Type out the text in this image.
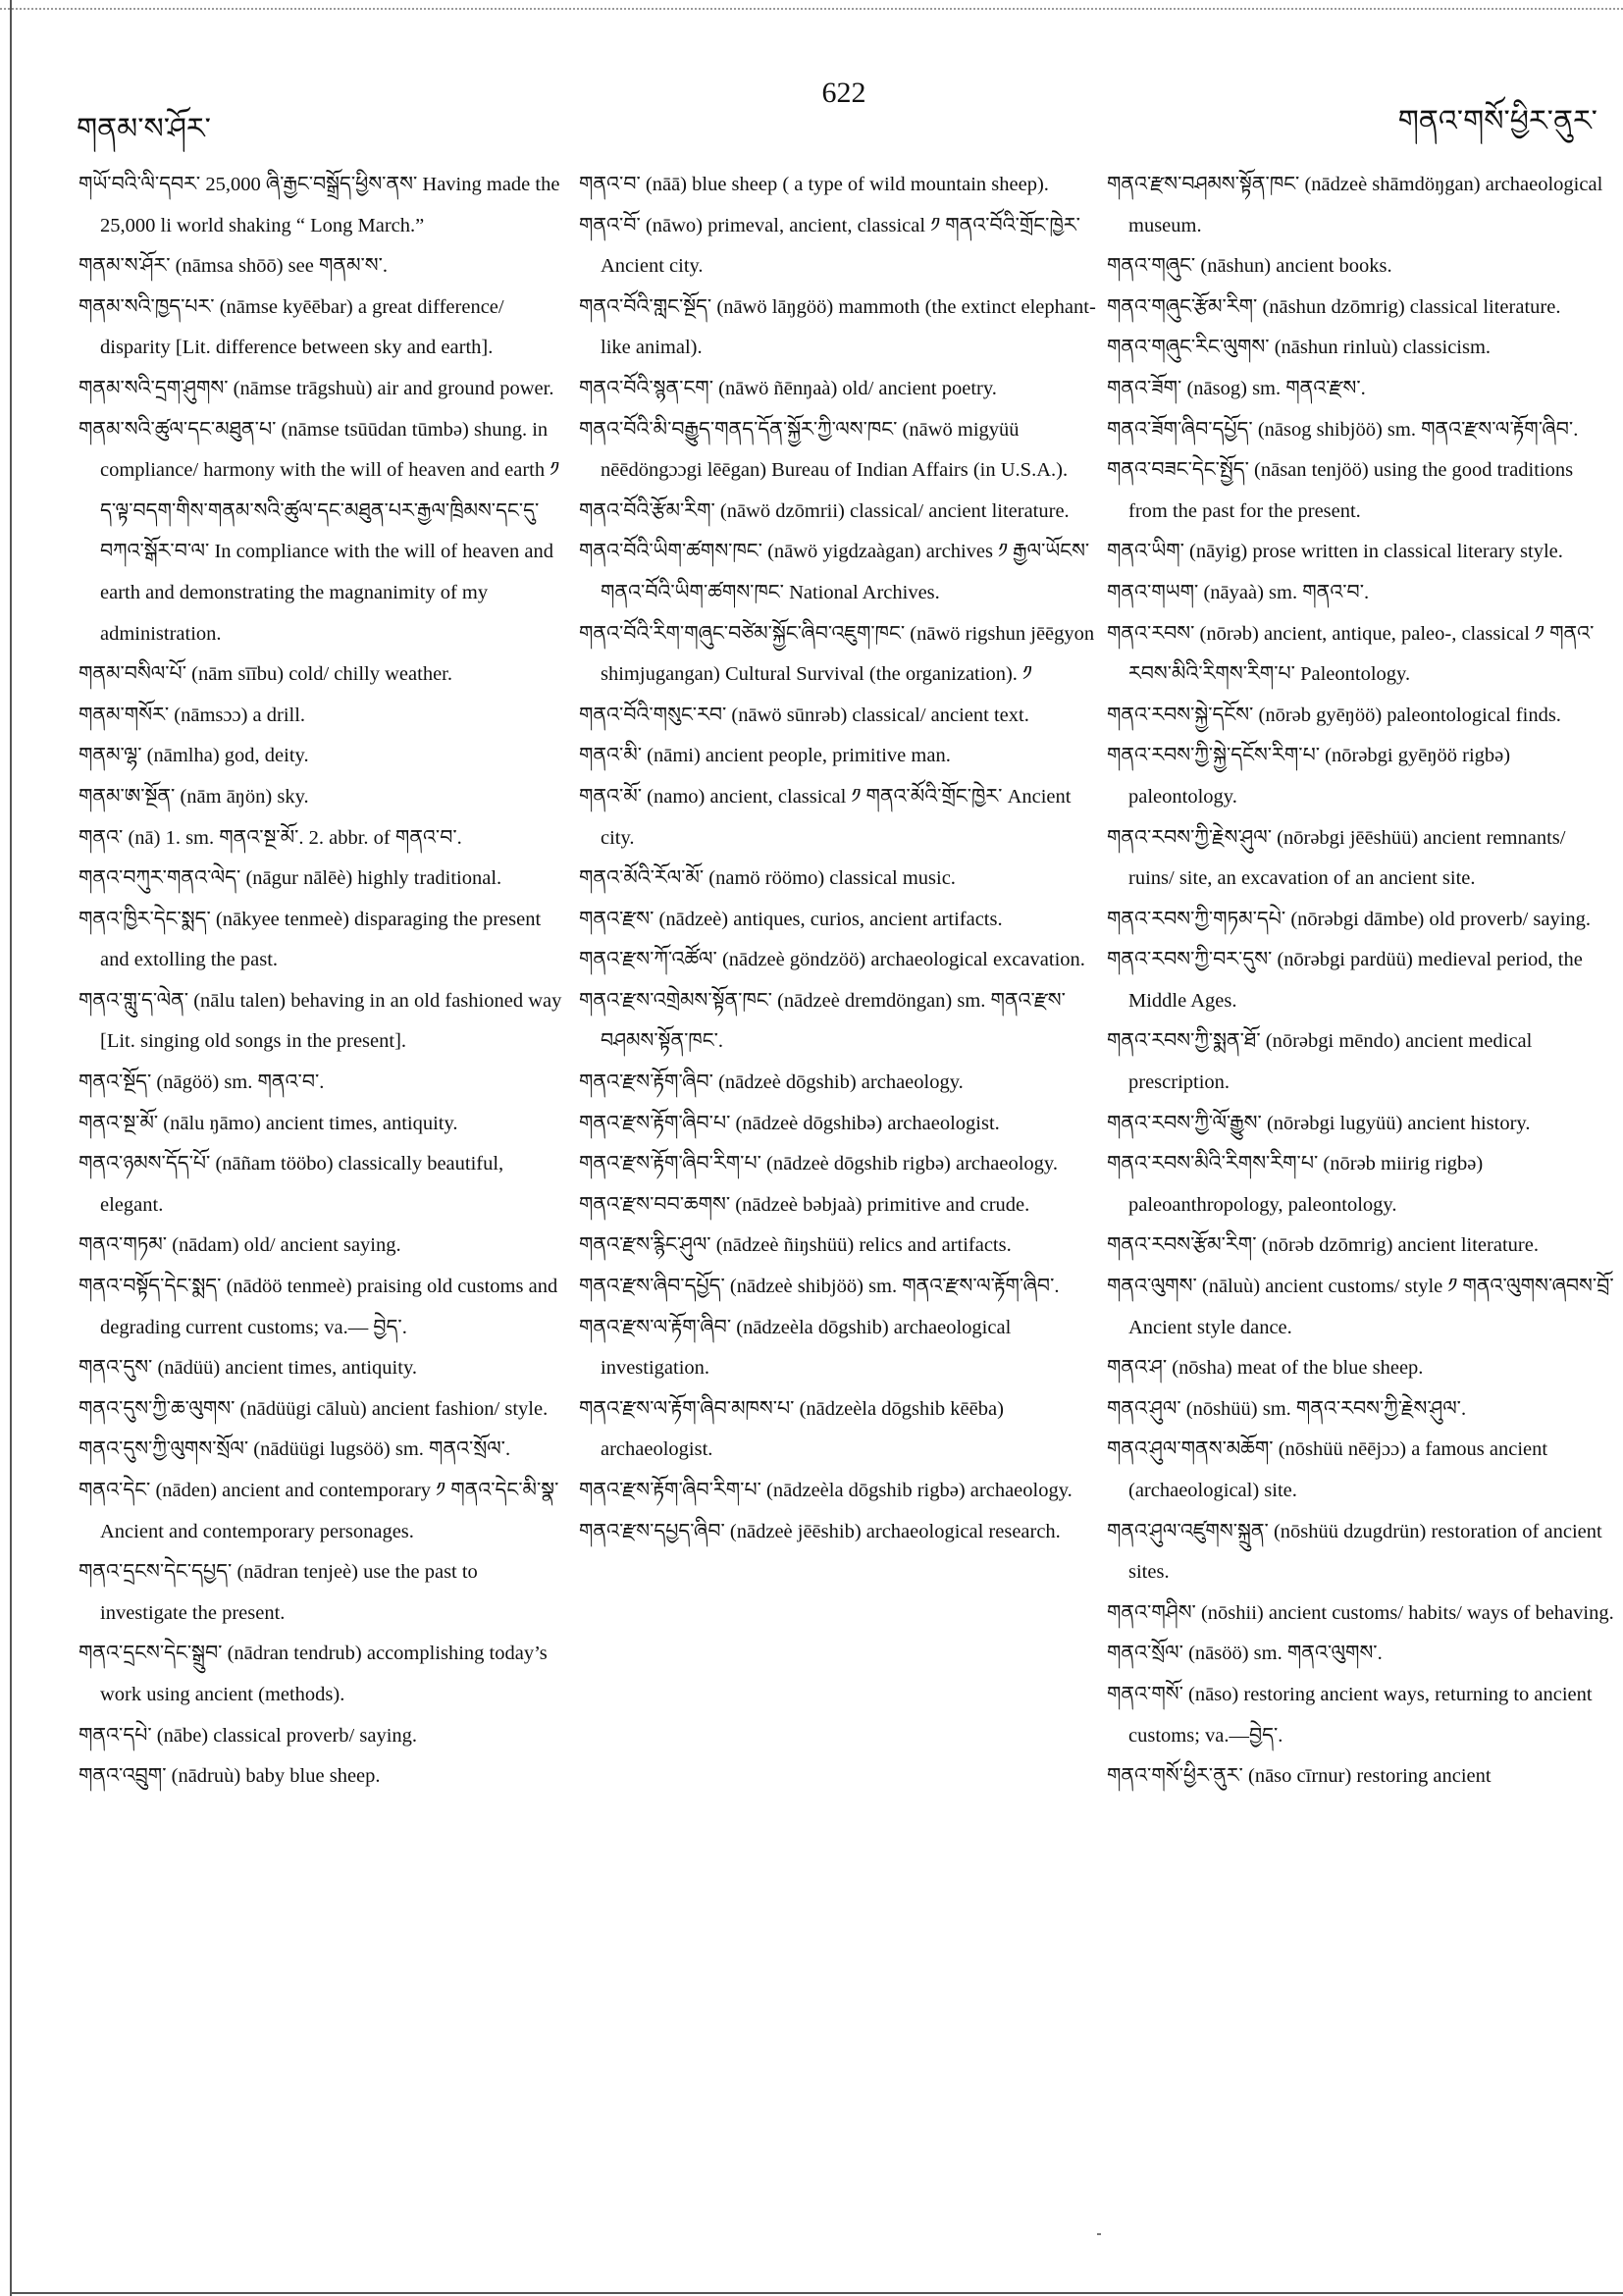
གནམ་ས་ཤོར་
622
གནའ་གསོ་ཕྱིར་ནུར་
གཡོ་བའི་ལི་དབར་ 25,000 ཞི་རྒྱང་བསྒྲོད་ཕྱིས་ནས་ Having made the 25,000 li world shaking “ Long March.”
གནམ་ས་ཤོར་ (nāmsa shōō) see གནམ་ས་.
གནམ་སའི་ཁྱད་པར་ (nāmse kyēēbar) a great difference/ disparity [Lit. difference between sky and earth].
གནམ་སའི་དྲག་ཤུགས་ (nāmse trāgshuù) air and ground power.
གནམ་སའི་ཚུལ་དང་མཐུན་པ་ (nāmse tsūūdan tūmbə) shung. in compliance/ harmony with the will of heaven and earth ༡ ད་ལྟ་བདག་གིས་གནམ་སའི་ཚུལ་དང་མཐུན་པར་རྒྱལ་ཁྲིམས་དང་དུ་བཀའ་སྒོར་བ་ལ་ In compliance with the will of heaven and earth and demonstrating the magnanimity of my administration.
གནམ་བསིལ་པོ་ (nām sīību) cold/ chilly weather.
གནམ་གསོར་ (nāmsɔɔ) a drill.
གནམ་ལྷ་ (nāmlha) god, deity.
གནམ་ཨ་སྔོན་ (nām āŋön) sky.
གནའ་ (nā) 1. sm. གནའ་སྔ་མོ་. 2. abbr. of གནའ་བ་.
གནའ་བཀུར་གནའ་ལེད་ (nāgur nālēè) highly traditional.
གནའ་ཁྱིར་དེང་སྨད་ (nākyee tenmeè) disparaging the present and extolling the past.
གནའ་གླུ་ད་ལེན་ (nālu talen) behaving in an old fashioned way [Lit. singing old songs in the present].
གནའ་སྔོད་ (nāgöö) sm. གནའ་བ་.
གནའ་སྔ་མོ་ (nālu ŋāmo) ancient times, antiquity.
གནའ་ཉམས་དོད་པོ་ (nāñam tööbo) classically beautiful, elegant.
གནའ་གཏམ་ (nādam) old/ ancient saying.
གནའ་བསྟོད་དེང་སྨད་ (nādöö tenmeè) praising old customs and degrading current customs; va.— བྱེད་.
གནའ་དུས་ (nādüü) ancient times, antiquity.
གནའ་དུས་ཀྱི་ཆ་ལུགས་ (nādüügi cāluù) ancient fashion/ style.
གནའ་དུས་ཀྱི་ལུགས་སྲོལ་ (nādüügi lugsöö) sm. གནའ་སྲོལ་.
གནའ་དེང་ (nāden) ancient and contemporary ༡ གནའ་དེང་མི་སྣ་ Ancient and contemporary personages.
གནའ་དྲངས་དེང་དཔྱད་ (nādran tenjeè) use the past to investigate the present.
གནའ་དྲངས་དེང་སྒྲུབ་ (nādran tendrub) accomplishing today’s work using ancient (methods).
གནའ་དཔེ་ (nābe) classical proverb/ saying.
གནའ་འབྲུག་ (nādruù) baby blue sheep.
གནའ་བ་ (nāā) blue sheep ( a type of wild mountain sheep).
གནའ་བོ་ (nāwo) primeval, ancient, classical ༡ གནའ་བོའི་གྲོང་ཁྱེར་ Ancient city.
གནའ་བོའི་གླང་སྔོད་ (nāwö lāŋgöö) mammoth (the extinct elephant-like animal).
གནའ་བོའི་སྙན་ངག་ (nāwö ñēnŋaà) old/ ancient poetry.
གནའ་བོའི་མི་བརྒྱུད་གནད་དོན་སྐྱོར་ཀྱི་ལས་ཁང་ (nāwö migyüü nēēdöngɔɔgi lēēgan) Bureau of Indian Affairs (in U.S.A.).
གནའ་བོའི་རྩོམ་རིག་ (nāwö dzōmrii) classical/ ancient literature.
གནའ་བོའི་ཡིག་ཚགས་ཁང་ (nāwö yigdzaàgan) archives ༡ རྒྱལ་ཡོངས་གནའ་བོའི་ཡིག་ཚགས་ཁང་ National Archives.
གནའ་བོའི་རིག་གཞུང་བཙེམ་སྐྱོང་ཞིབ་འཇུག་ཁང་ (nāwö rigshun jēēgyon shimjugangan) Cultural Survival (the organization). ༡
གནའ་བོའི་གསུང་རབ་ (nāwö sūnrəb) classical/ ancient text.
གནའ་མི་ (nāmi) ancient people, primitive man.
གནའ་མོ་ (namo) ancient, classical ༡ གནའ་མོའི་གྲོང་ཁྱེར་ Ancient city.
གནའ་མོའི་རོལ་མོ་ (namö röömo) classical music.
གནའ་རྫས་ (nādzeè) antiques, curios, ancient artifacts.
གནའ་རྫས་ཀོ་འཚོལ་ (nādzeè göndzöö) archaeological excavation.
གནའ་རྫས་འགྲེམས་སྟོན་ཁང་ (nādzeè dremdöngan) sm. གནའ་རྫས་བཤམས་སྟོན་ཁང་.
གནའ་རྫས་རྟོག་ཞིབ་ (nādzeè dōgshib) archaeology.
གནའ་རྫས་རྟོག་ཞིབ་པ་ (nādzeè dōgshibə) archaeologist.
གནའ་རྫས་རྟོག་ཞིབ་རིག་པ་ (nādzeè dōgshib rigbə) archaeology.
གནའ་རྫས་བབ་ཆགས་ (nādzeè bəbjaà) primitive and crude.
གནའ་རྫས་རྙིང་ཤུལ་ (nādzeè ñiŋshüü) relics and artifacts.
གནའ་རྫས་ཞིབ་དཔྱོད་ (nādzeè shibjöö) sm. གནའ་རྫས་ལ་རྟོག་ཞིབ་.
གནའ་རྫས་ལ་རྟོག་ཞིབ་ (nādzeèla dōgshib) archaeological investigation.
གནའ་རྫས་ལ་རྟོག་ཞིབ་མཁས་པ་ (nādzeèla dōgshib kēēba) archaeologist.
གནའ་རྫས་རྟོག་ཞིབ་རིག་པ་ (nādzeèla dōgshib rigbə) archaeology.
གནའ་རྫས་དཔྱད་ཞིབ་ (nādzeè jēēshib) archaeological research.
གནའ་རྫས་བཤམས་སྟོན་ཁང་ (nādzeè shāmdöŋgan) archaeological museum.
གནའ་གཞུང་ (nāshun) ancient books.
གནའ་གཞུང་རྩོམ་རིག་ (nāshun dzōmrig) classical literature.
གནའ་གཞུང་རིང་ལུགས་ (nāshun rinluù) classicism.
གནའ་ཟོག་ (nāsog) sm. གནའ་རྫས་.
གནའ་ཟོག་ཞིབ་དཔྱོད་ (nāsog shibjöö) sm. གནའ་རྫས་ལ་རྟོག་ཞིབ་.
གནའ་བཟང་དེང་སྤྱོད་ (nāsan tenjöö) using the good traditions from the past for the present.
གནའ་ཡིག་ (nāyig) prose written in classical literary style.
གནའ་གཡག་ (nāyaà) sm. གནའ་བ་.
གནའ་རབས་ (nōrəb) ancient, antique, paleo-, classical ༡ གནའ་རབས་མིའི་རིགས་རིག་པ་ Paleontology.
གནའ་རབས་སྐྱེ་དངོས་ (nōrəb gyēŋöö) paleontological finds.
གནའ་རབས་ཀྱི་སྐྱེ་དངོས་རིག་པ་ (nōrəbgi gyēŋöö rigbə) paleontology.
གནའ་རབས་ཀྱི་རྗེས་ཤུལ་ (nōrəbgi jēēshüü) ancient remnants/ ruins/ site, an excavation of an ancient site.
གནའ་རབས་ཀྱི་གཏམ་དཔེ་ (nōrəbgi dāmbe) old proverb/ saying.
གནའ་རབས་ཀྱི་བར་དུས་ (nōrəbgi pardüü) medieval period, the Middle Ages.
གནའ་རབས་ཀྱི་སྨན་ཐོ་ (nōrəbgi mēndo) ancient medical prescription.
གནའ་རབས་ཀྱི་ལོ་རྒྱུས་ (nōrəbgi lugyüü) ancient history.
གནའ་རབས་མིའི་རིགས་རིག་པ་ (nōrəb miirig rigbə) paleoanthropology, paleontology.
གནའ་རབས་རྩོམ་རིག་ (nōrəb dzōmrig) ancient literature.
གནའ་ལུགས་ (nāluù) ancient customs/ style ༡ གནའ་ལུགས་ཞབས་བྲོ་ Ancient style dance.
གནའ་ཤ་ (nōsha) meat of the blue sheep.
གནའ་ཤུལ་ (nōshüü) sm. གནའ་རབས་ཀྱི་རྗེས་ཤུལ་.
གནའ་ཤུལ་གནས་མཆོག་ (nōshüü nēējɔɔ) a famous ancient (archaeological) site.
གནའ་ཤུལ་འཛུགས་སྐྲུན་ (nōshüü dzugdrün) restoration of ancient sites.
གནའ་གཤིས་ (nōshii) ancient customs/ habits/ ways of behaving.
གནའ་སྲོལ་ (nāsöö) sm. གནའ་ལུགས་.
གནའ་གསོ་ (nāso) restoring ancient ways, returning to ancient customs; va.—བྱེད་.
གནའ་གསོ་ཕྱིར་ནུར་ (nāso cīrnur) restoring ancient
